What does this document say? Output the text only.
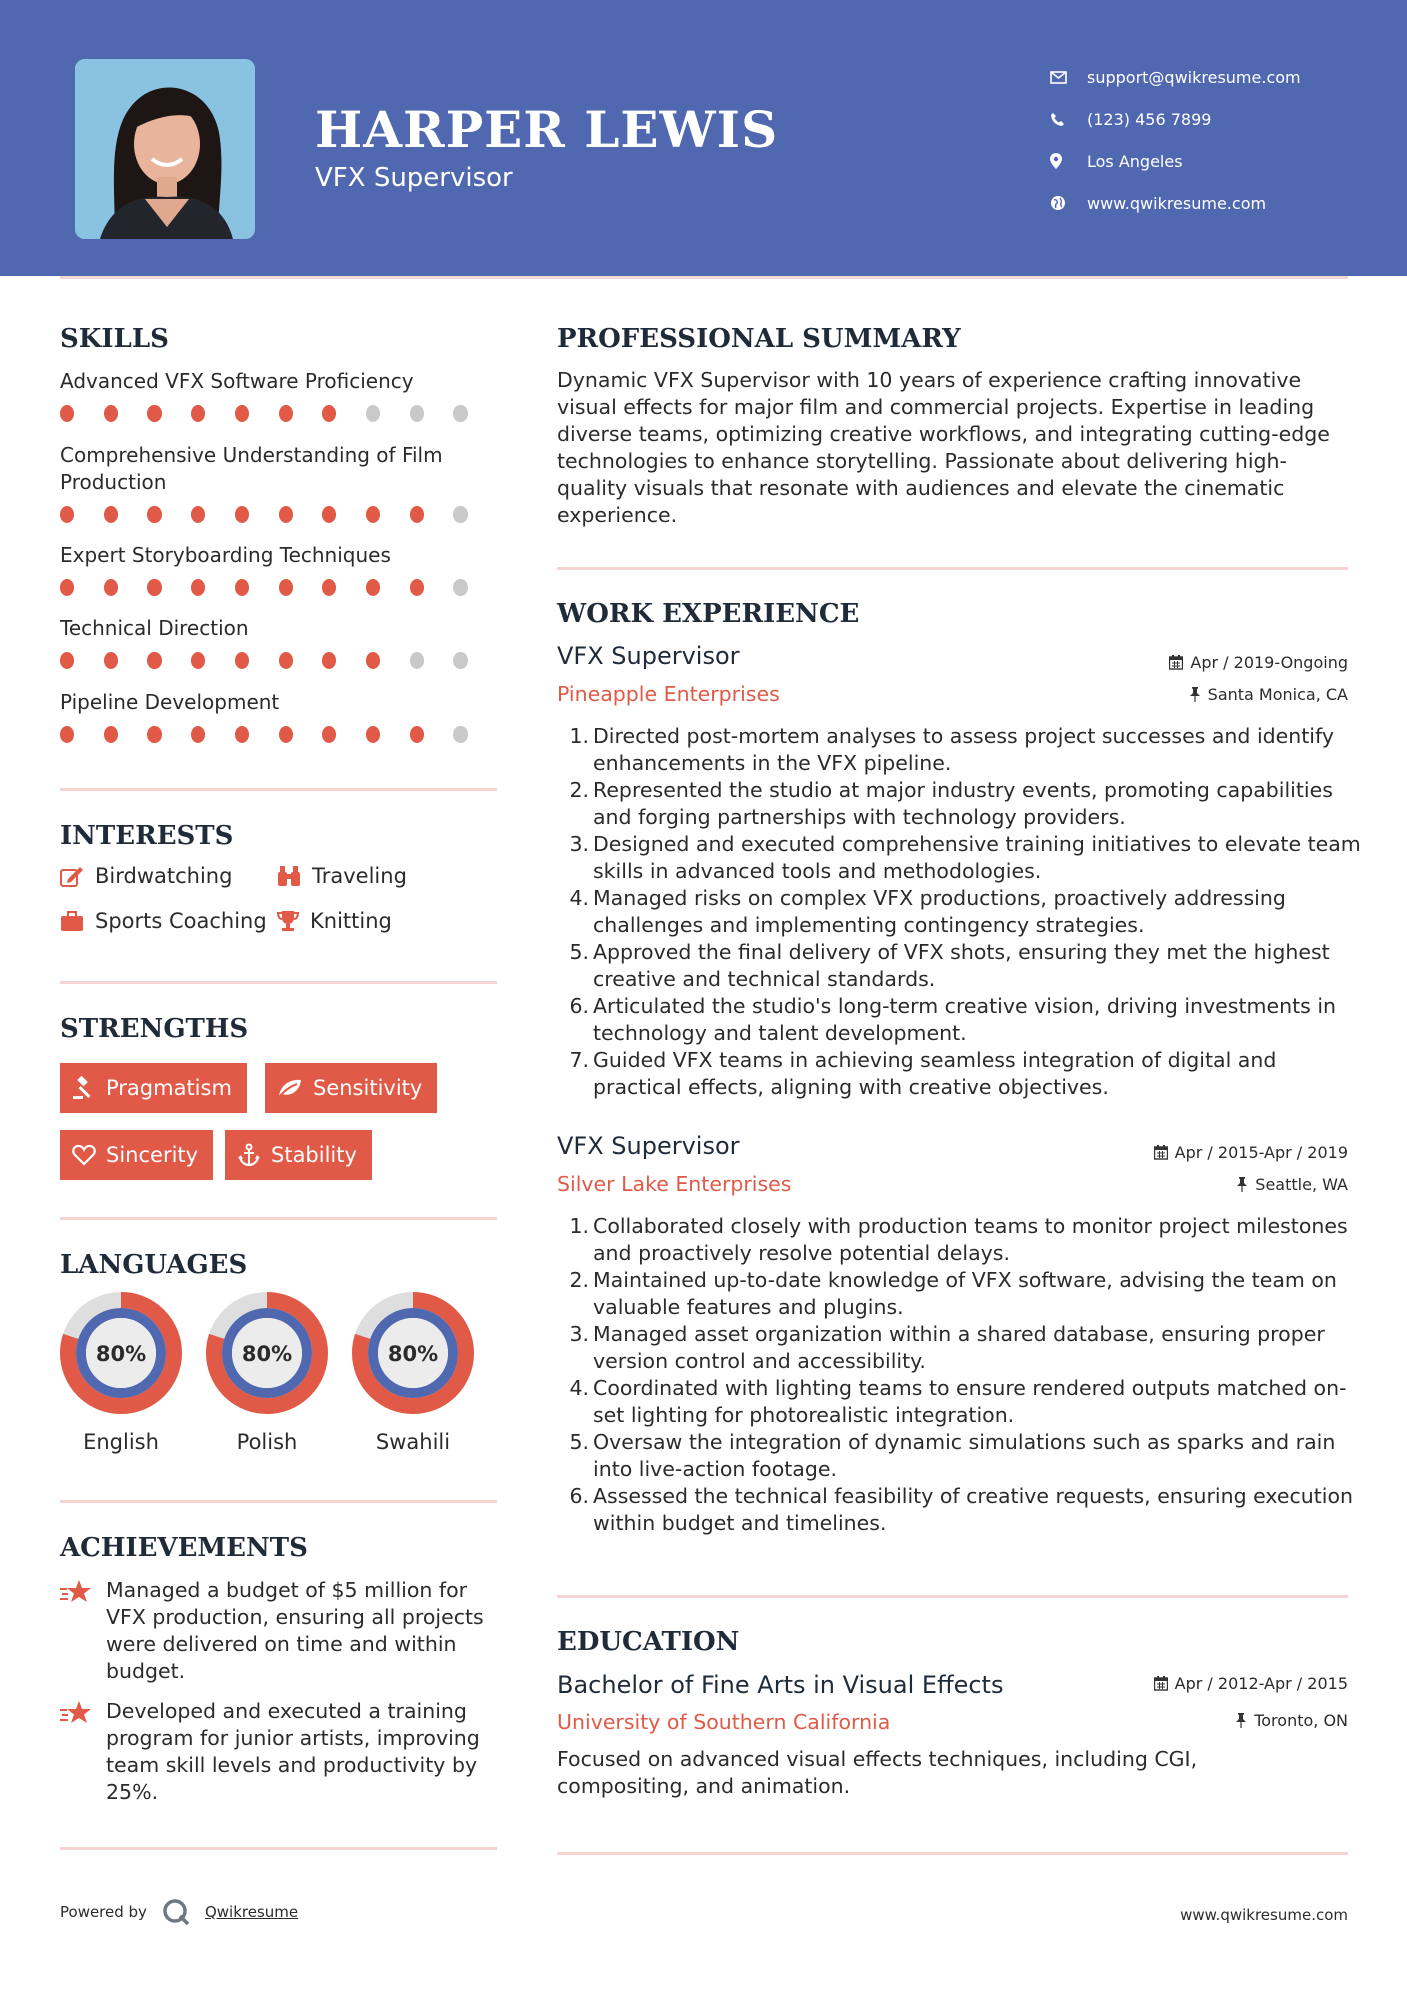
HARPER LEWIS
VFX Supervisor
support@qwikresume.com
(123) 456 7899
Los Angeles
www.qwikresume.com
SKILLS
Advanced VFX Software Proficiency
Comprehensive Understanding of Film Production
Expert Storyboarding Techniques
Technical Direction
Pipeline Development
INTERESTS
Birdwatching	Traveling
Sports Coaching Knitting
STRENGTHS
Pragmatism	Sensitivity
Sincerity	Stability
LANGUAGES
80%
English
80%
Polish
80%
Swahili
ACHIEVEMENTS
Managed a budget of $5 million for VFX production, ensuring all projects were delivered on time and within budget.
Developed and executed a training program for junior artists, improving team skill levels and productivity by 25%.
PROFESSIONAL SUMMARY
Dynamic VFX Supervisor with 10 years of experience crafting innovative visual effects for major film and commercial projects. Expertise in leading diverse teams, optimizing creative workflows, and integrating cutting-edge technologies to enhance storytelling. Passionate about delivering high-quality visuals that resonate with audiences and elevate the cinematic experience.
WORK EXPERIENCE
VFX Supervisor	Apr / 2019-Ongoing
Pineapple Enterprises	Santa Monica, CA
1. Directed post-mortem analyses to assess project successes and identify enhancements in the VFX pipeline.
2. Represented the studio at major industry events, promoting capabilities and forging partnerships with technology providers.
3. Designed and executed comprehensive training initiatives to elevate team skills in advanced tools and methodologies.
4. Managed risks on complex VFX productions, proactively addressing challenges and implementing contingency strategies.
5. Approved the final delivery of VFX shots, ensuring they met the highest creative and technical standards.
6. Articulated the studio's long-term creative vision, driving investments in technology and talent development.
7. Guided VFX teams in achieving seamless integration of digital and practical effects, aligning with creative objectives.
VFX Supervisor	Apr / 2015-Apr / 2019
Silver Lake Enterprises	Seattle, WA
1. Collaborated closely with production teams to monitor project milestones and proactively resolve potential delays.
2. Maintained up-to-date knowledge of VFX software, advising the team on valuable features and plugins.
3. Managed asset organization within a shared database, ensuring proper version control and accessibility.
4. Coordinated with lighting teams to ensure rendered outputs matched on-set lighting for photorealistic integration.
5. Oversaw the integration of dynamic simulations such as sparks and rain into live-action footage.
6. Assessed the technical feasibility of creative requests, ensuring execution within budget and timelines.
EDUCATION
Bachelor of Fine Arts in Visual Effects	Apr / 2012-Apr / 2015
University of Southern California	Toronto, ON
Focused on advanced visual effects techniques, including CGI, compositing, and animation.
Powered by	Qwikresume	www.qwikresume.com
